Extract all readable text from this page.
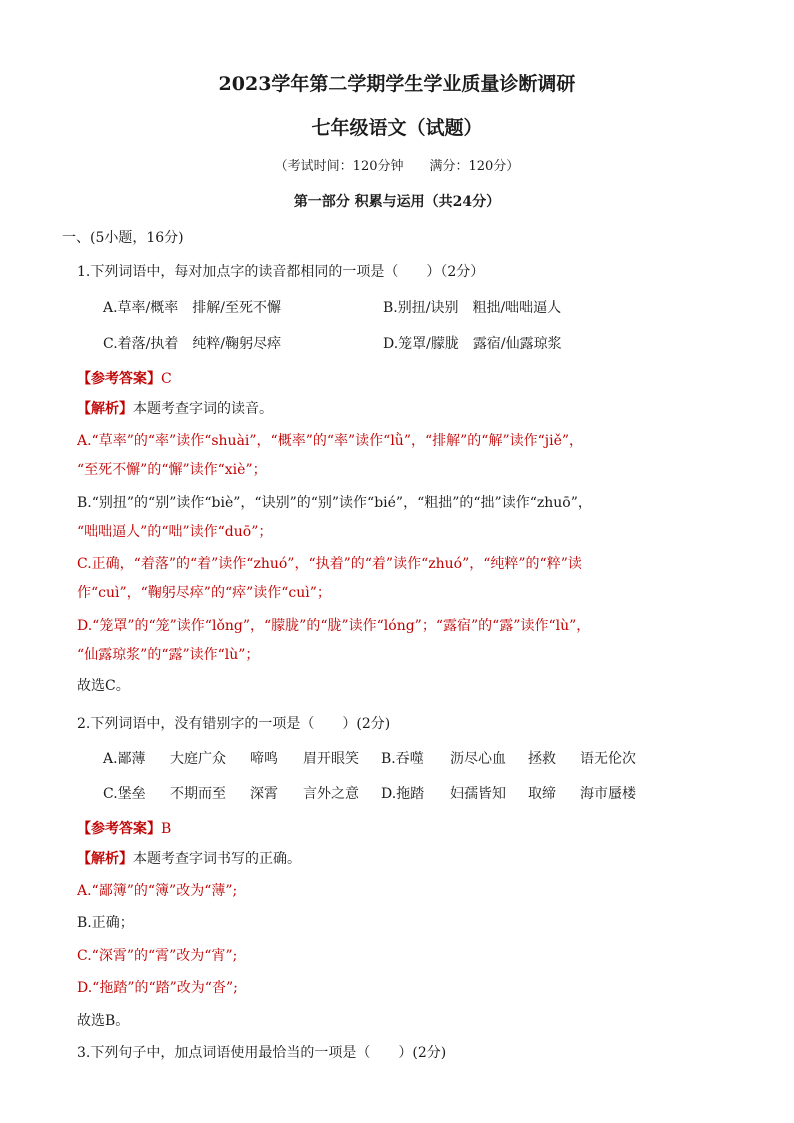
2023学年第二学期学生学业质量诊断调研
七年级语文（试题）
（考试时间：120分钟　　满分：120分）
第一部分 积累与运用（共24分）
一、(5小题，16分)
1.下列词语中，每对加点字的读音都相同的一项是（　　）（2分）
A.草率/概率　排解/至死不懈	B.别扭/诀别　粗拙/咄咄逼人
C.着落/执着　纯粹/鞠躬尽瘁	D.笼罩/朦胧　露宿/仙露琼浆
【参考答案】C
【解析】本题考查字词的读音。
A.“草率”的“率”读作“shuài”，“概率”的“率”读作“lǜ”，“排解”的“解”读作“jiě”，
“至死不懈”的“懈”读作“xiè”；
B.“别扭”的“别”读作“biè”，“诀别”的“别”读作“bié”，“粗拙”的“拙”读作“zhuō”，
“咄咄逼人”的“咄”读作“duō”；
C.正确，“着落”的“着”读作“zhuó”，“执着”的“着”读作“zhuó”，“纯粹”的“粹”读
作“cuì”，“鞠躬尽瘁”的“瘁”读作“cuì”；
D.“笼罩”的“笼”读作“lǒng”，“朦胧”的“胧”读作“lóng”；“露宿”的“露”读作“lù”，
“仙露琼浆”的“露”读作“lù”；
故选C。
2.下列词语中，没有错别字的一项是（　　）(2分)
A.鄙薄 大庭广众 啼鸣 眉开眼笑 B.吞噬 沥尽心血 拯救 语无伦次
C.堡垒 不期而至 深霄 言外之意 D.拖踏 妇孺皆知 取缔 海市蜃楼
【参考答案】B
【解析】本题考查字词书写的正确。
A.“鄙簿”的“簿”改为“薄”;
B.正确；
C.“深霄”的“霄”改为“宵”;
D.“拖踏”的“踏”改为“沓”;
故选B。
3.下列句子中，加点词语使用最恰当的一项是（　　）(2分)
